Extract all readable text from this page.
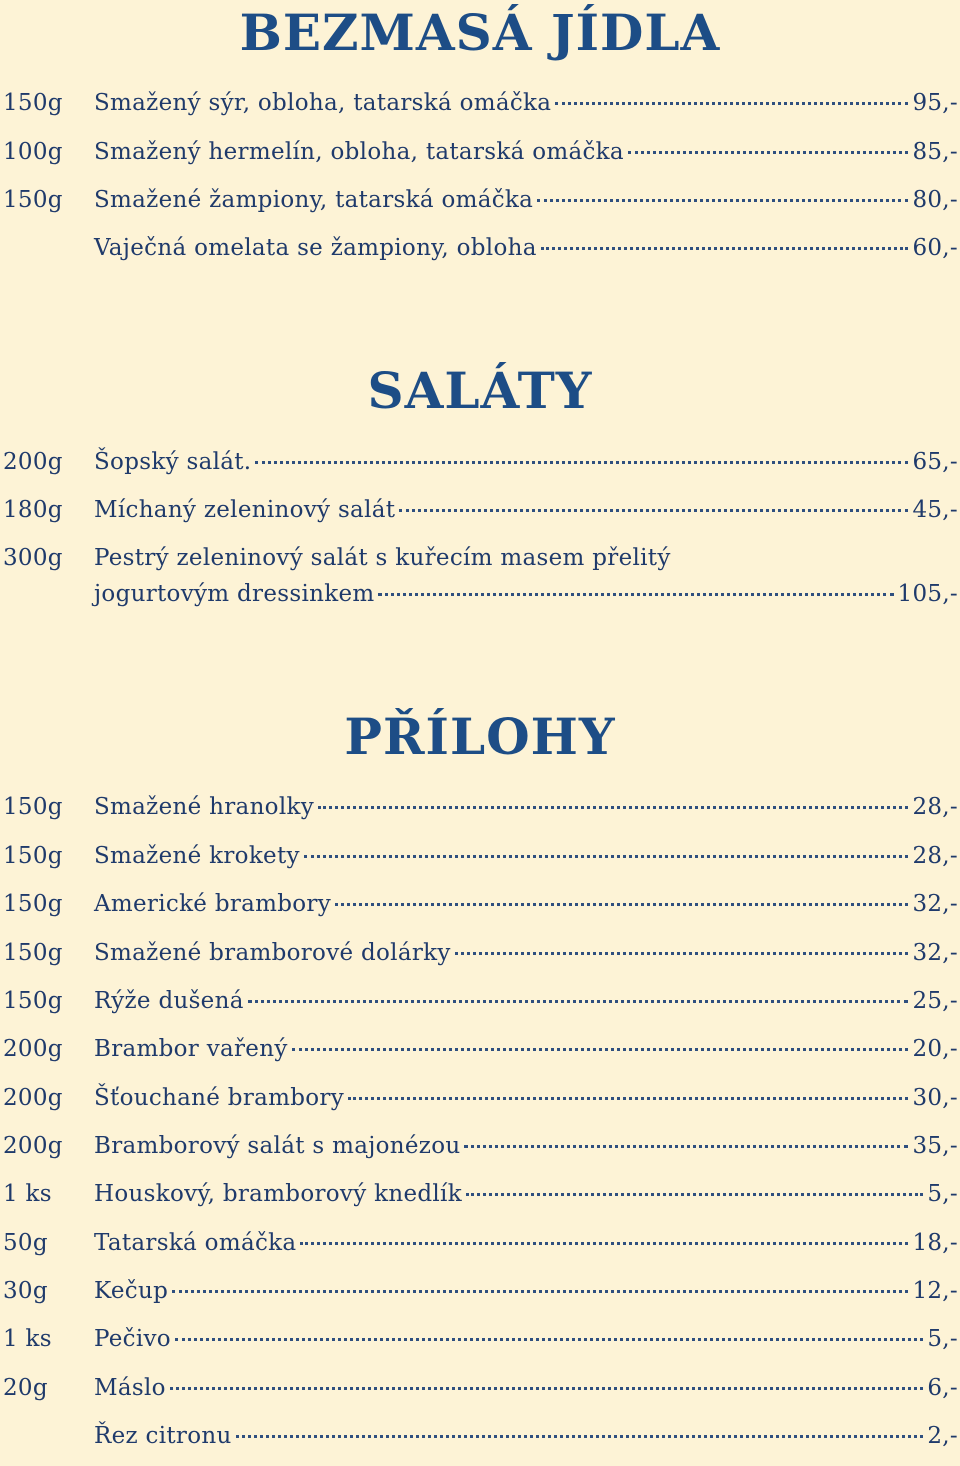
BEZMASÁ JÍDLA
150g Smažený sýr, obloha, tatarská omáčka	95,-
100g Smažený hermelín, obloha, tatarská omáčka	85,-
150g Smažené žampiony, tatarská omáčka	80,-
Vaječná omelata se žampiony, obloha	60,-
SALÁTY
200g Šopský salát.	65,-
180g Míchaný zeleninový salát	45,-
300g Pestrý zeleninový salát s kuřecím masem přelitý
jogurtovým dressinkem	105,-
PŘÍLOHY
150g Smažené hranolky	28,-
150g Smažené krokety	28,-
150g Americké brambory	32,-
150g Smažené bramborové dolárky	32,-
150g Rýže dušená	25,-
200g Brambor vařený	20,-
200g Šťouchané brambory	30,-
200g Bramborový salát s majonézou	35,-
1 ks Houskový, bramborový knedlík	5,-
50g Tatarská omáčka	18,-
30g Kečup	12,-
1 ks Pečivo	5,-
20g Máslo	6,-
Řez citronu	2,-
